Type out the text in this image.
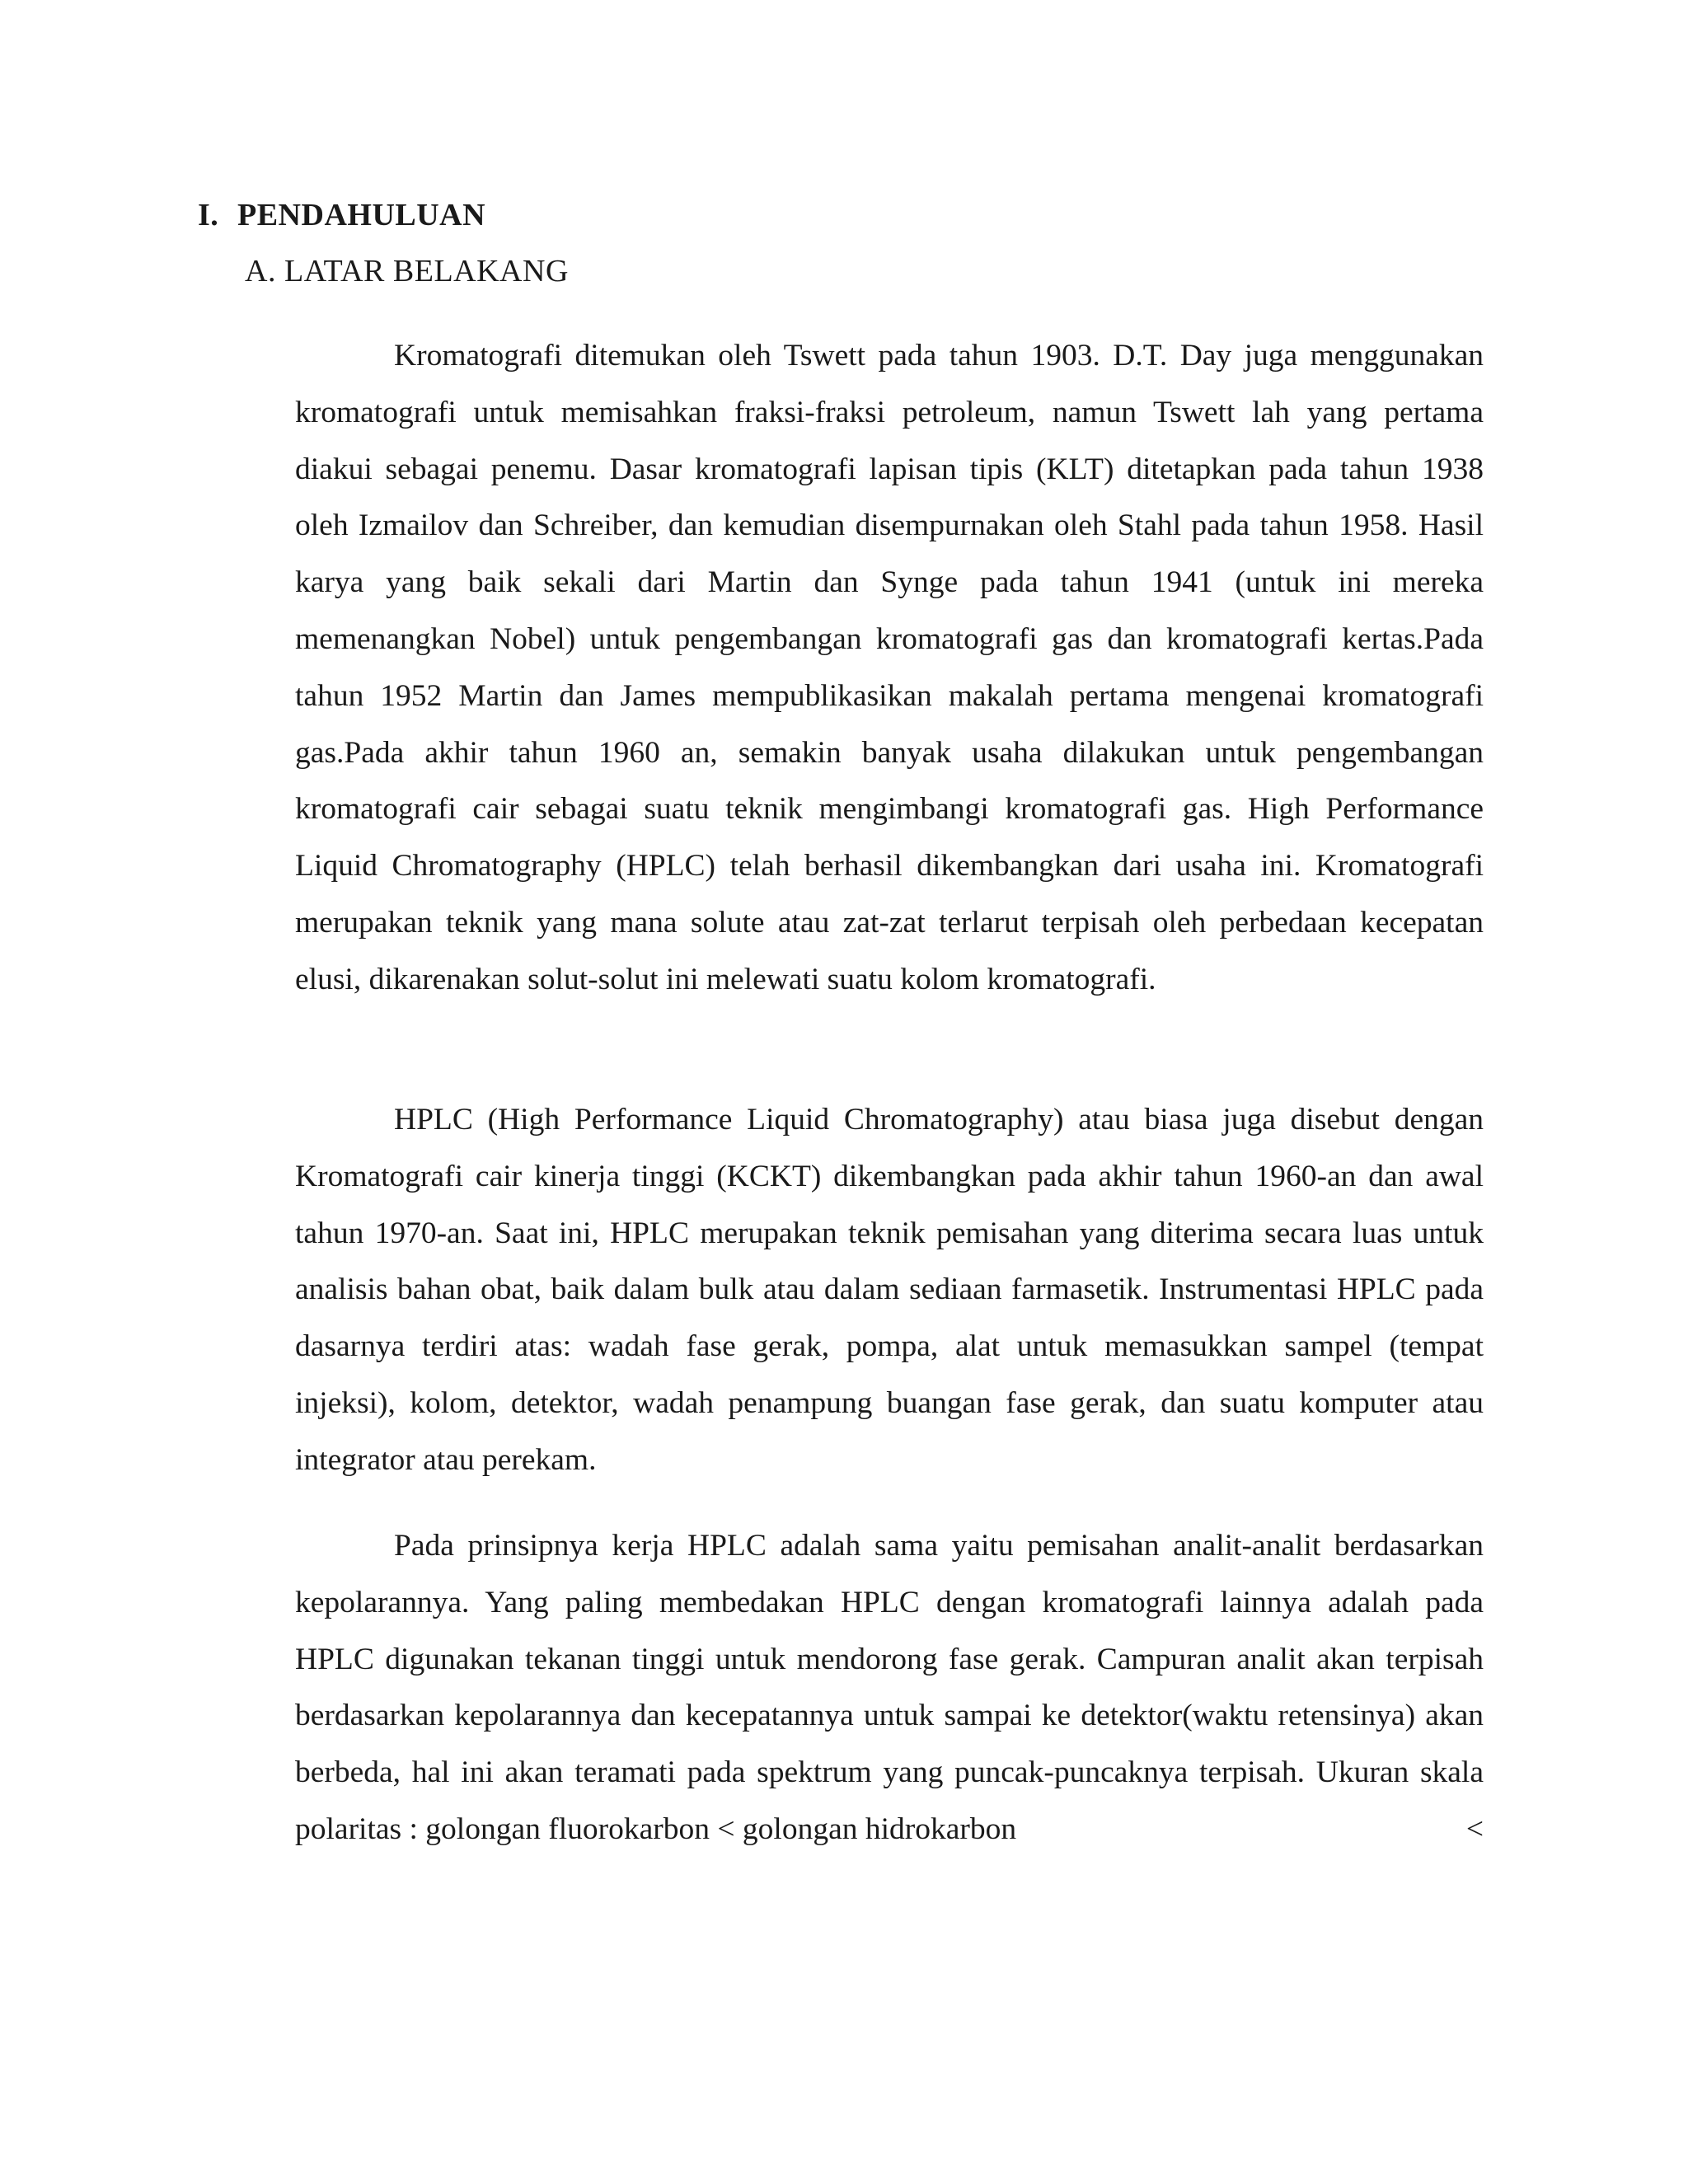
I. PENDAHULUAN
A. LATAR BELAKANG

Kromatografi ditemukan oleh Tswett pada tahun 1903. D.T. Day juga menggunakan kromatografi untuk memisahkan fraksi-fraksi petroleum, namun Tswett lah yang pertama diakui sebagai penemu. Dasar kromatografi lapisan tipis (KLT) ditetapkan pada tahun 1938 oleh Izmailov dan Schreiber, dan kemudian disempurnakan oleh Stahl pada tahun 1958. Hasil karya yang baik sekali dari Martin dan Synge pada tahun 1941 (untuk ini mereka memenangkan Nobel) untuk pengembangan kromatografi gas dan kromatografi kertas.Pada tahun 1952 Martin dan James mempublikasikan makalah pertama mengenai kromatografi gas.Pada akhir tahun 1960 an, semakin banyak usaha dilakukan untuk pengembangan kromatografi cair sebagai suatu teknik mengimbangi kromatografi gas. High Performance Liquid Chromatography (HPLC) telah berhasil dikembangkan dari usaha ini. Kromatografi merupakan teknik yang mana solute atau zat-zat terlarut terpisah oleh perbedaan kecepatan elusi, dikarenakan solut-solut ini melewati suatu kolom kromatografi.

HPLC (High Performance Liquid Chromatography) atau biasa juga disebut dengan Kromatografi cair kinerja tinggi (KCKT) dikembangkan pada akhir tahun 1960-an dan awal tahun 1970-an. Saat ini, HPLC merupakan teknik pemisahan yang diterima secara luas untuk analisis bahan obat, baik dalam bulk atau dalam sediaan farmasetik. Instrumentasi HPLC pada dasarnya terdiri atas: wadah fase gerak, pompa, alat untuk memasukkan sampel (tempat injeksi), kolom, detektor, wadah penampung buangan fase gerak, dan suatu komputer atau integrator atau perekam.

Pada prinsipnya kerja HPLC adalah sama yaitu pemisahan analit-analit berdasarkan kepolarannya. Yang paling membedakan HPLC dengan kromatografi lainnya adalah pada HPLC digunakan tekanan tinggi untuk mendorong fase gerak. Campuran analit akan terpisah berdasarkan kepolarannya dan kecepatannya untuk sampai ke detektor(waktu retensinya) akan berbeda, hal ini akan teramati pada spektrum yang puncak-puncaknya terpisah. Ukuran skala polaritas : golongan fluorokarbon < golongan hidrokarbon	<
